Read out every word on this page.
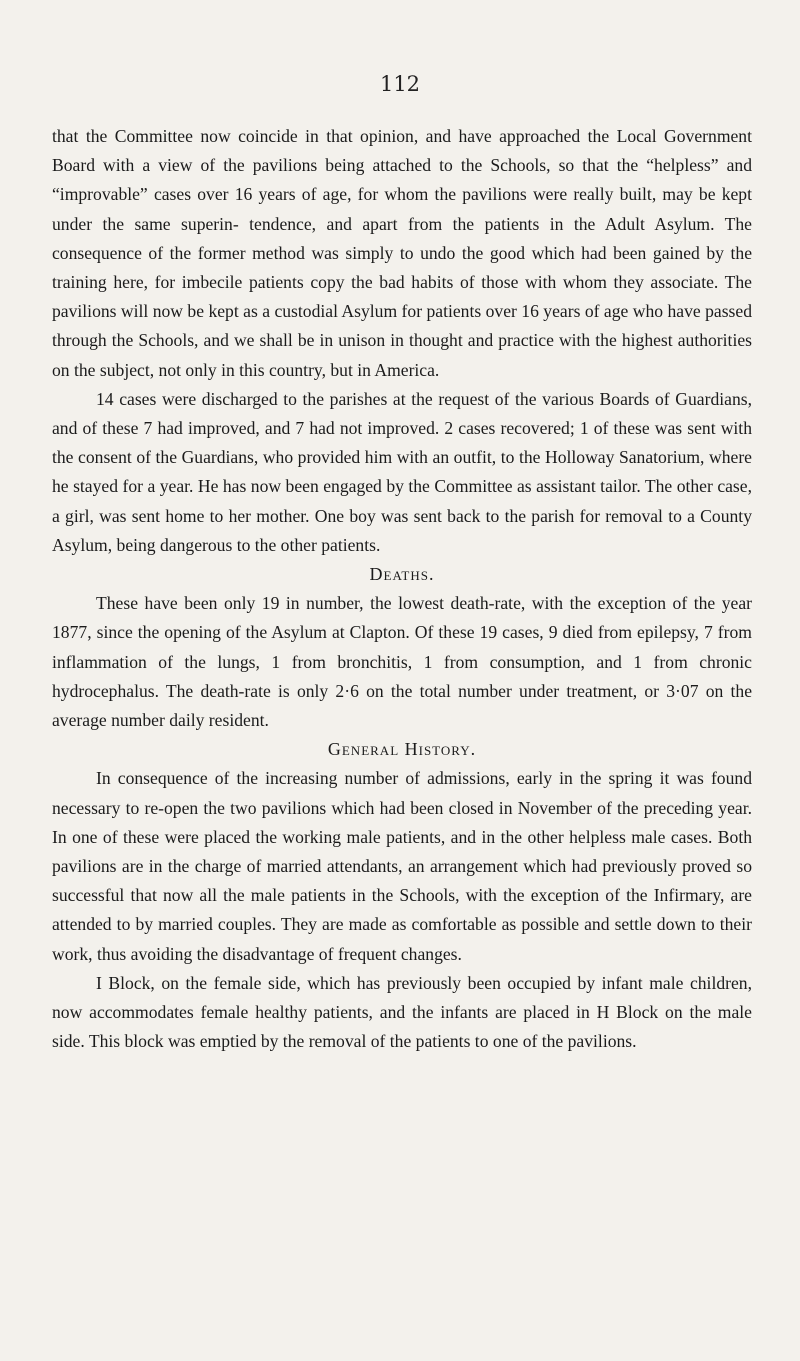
112

that the Committee now coincide in that opinion, and have approached the Local Government Board with a view of the pavilions being attached to the Schools, so that the “helpless” and “improvable” cases over 16 years of age, for whom the pavilions were really built, may be kept under the same superin- tendence, and apart from the patients in the Adult Asylum. The consequence of the former method was simply to undo the good which had been gained by the training here, for imbecile patients copy the bad habits of those with whom they associate. The pavilions will now be kept as a custodial Asylum for patients over 16 years of age who have passed through the Schools, and we shall be in unison in thought and practice with the highest authorities on the subject, not only in this country, but in America.

14 cases were discharged to the parishes at the request of the various Boards of Guardians, and of these 7 had improved, and 7 had not improved. 2 cases recovered; 1 of these was sent with the consent of the Guardians, who provided him with an outfit, to the Holloway Sanatorium, where he stayed for a year. He has now been engaged by the Committee as assistant tailor. The other case, a girl, was sent home to her mother. One boy was sent back to the parish for removal to a County Asylum, being dangerous to the other patients.

Deaths.

These have been only 19 in number, the lowest death-rate, with the exception of the year 1877, since the opening of the Asylum at Clapton. Of these 19 cases, 9 died from epilepsy, 7 from inflammation of the lungs, 1 from bronchitis, 1 from consumption, and 1 from chronic hydrocephalus. The death-rate is only 2·6 on the total number under treatment, or 3·07 on the average number daily resident.

General History.

In consequence of the increasing number of admissions, early in the spring it was found necessary to re-open the two pavilions which had been closed in November of the preceding year. In one of these were placed the working male patients, and in the other helpless male cases. Both pavilions are in the charge of married attendants, an arrangement which had previously proved so successful that now all the male patients in the Schools, with the exception of the Infirmary, are attended to by married couples. They are made as comfortable as possible and settle down to their work, thus avoiding the disadvantage of frequent changes.

I Block, on the female side, which has previously been occupied by infant male children, now accommodates female healthy patients, and the infants are placed in H Block on the male side. This block was emptied by the removal of the patients to one of the pavilions.
